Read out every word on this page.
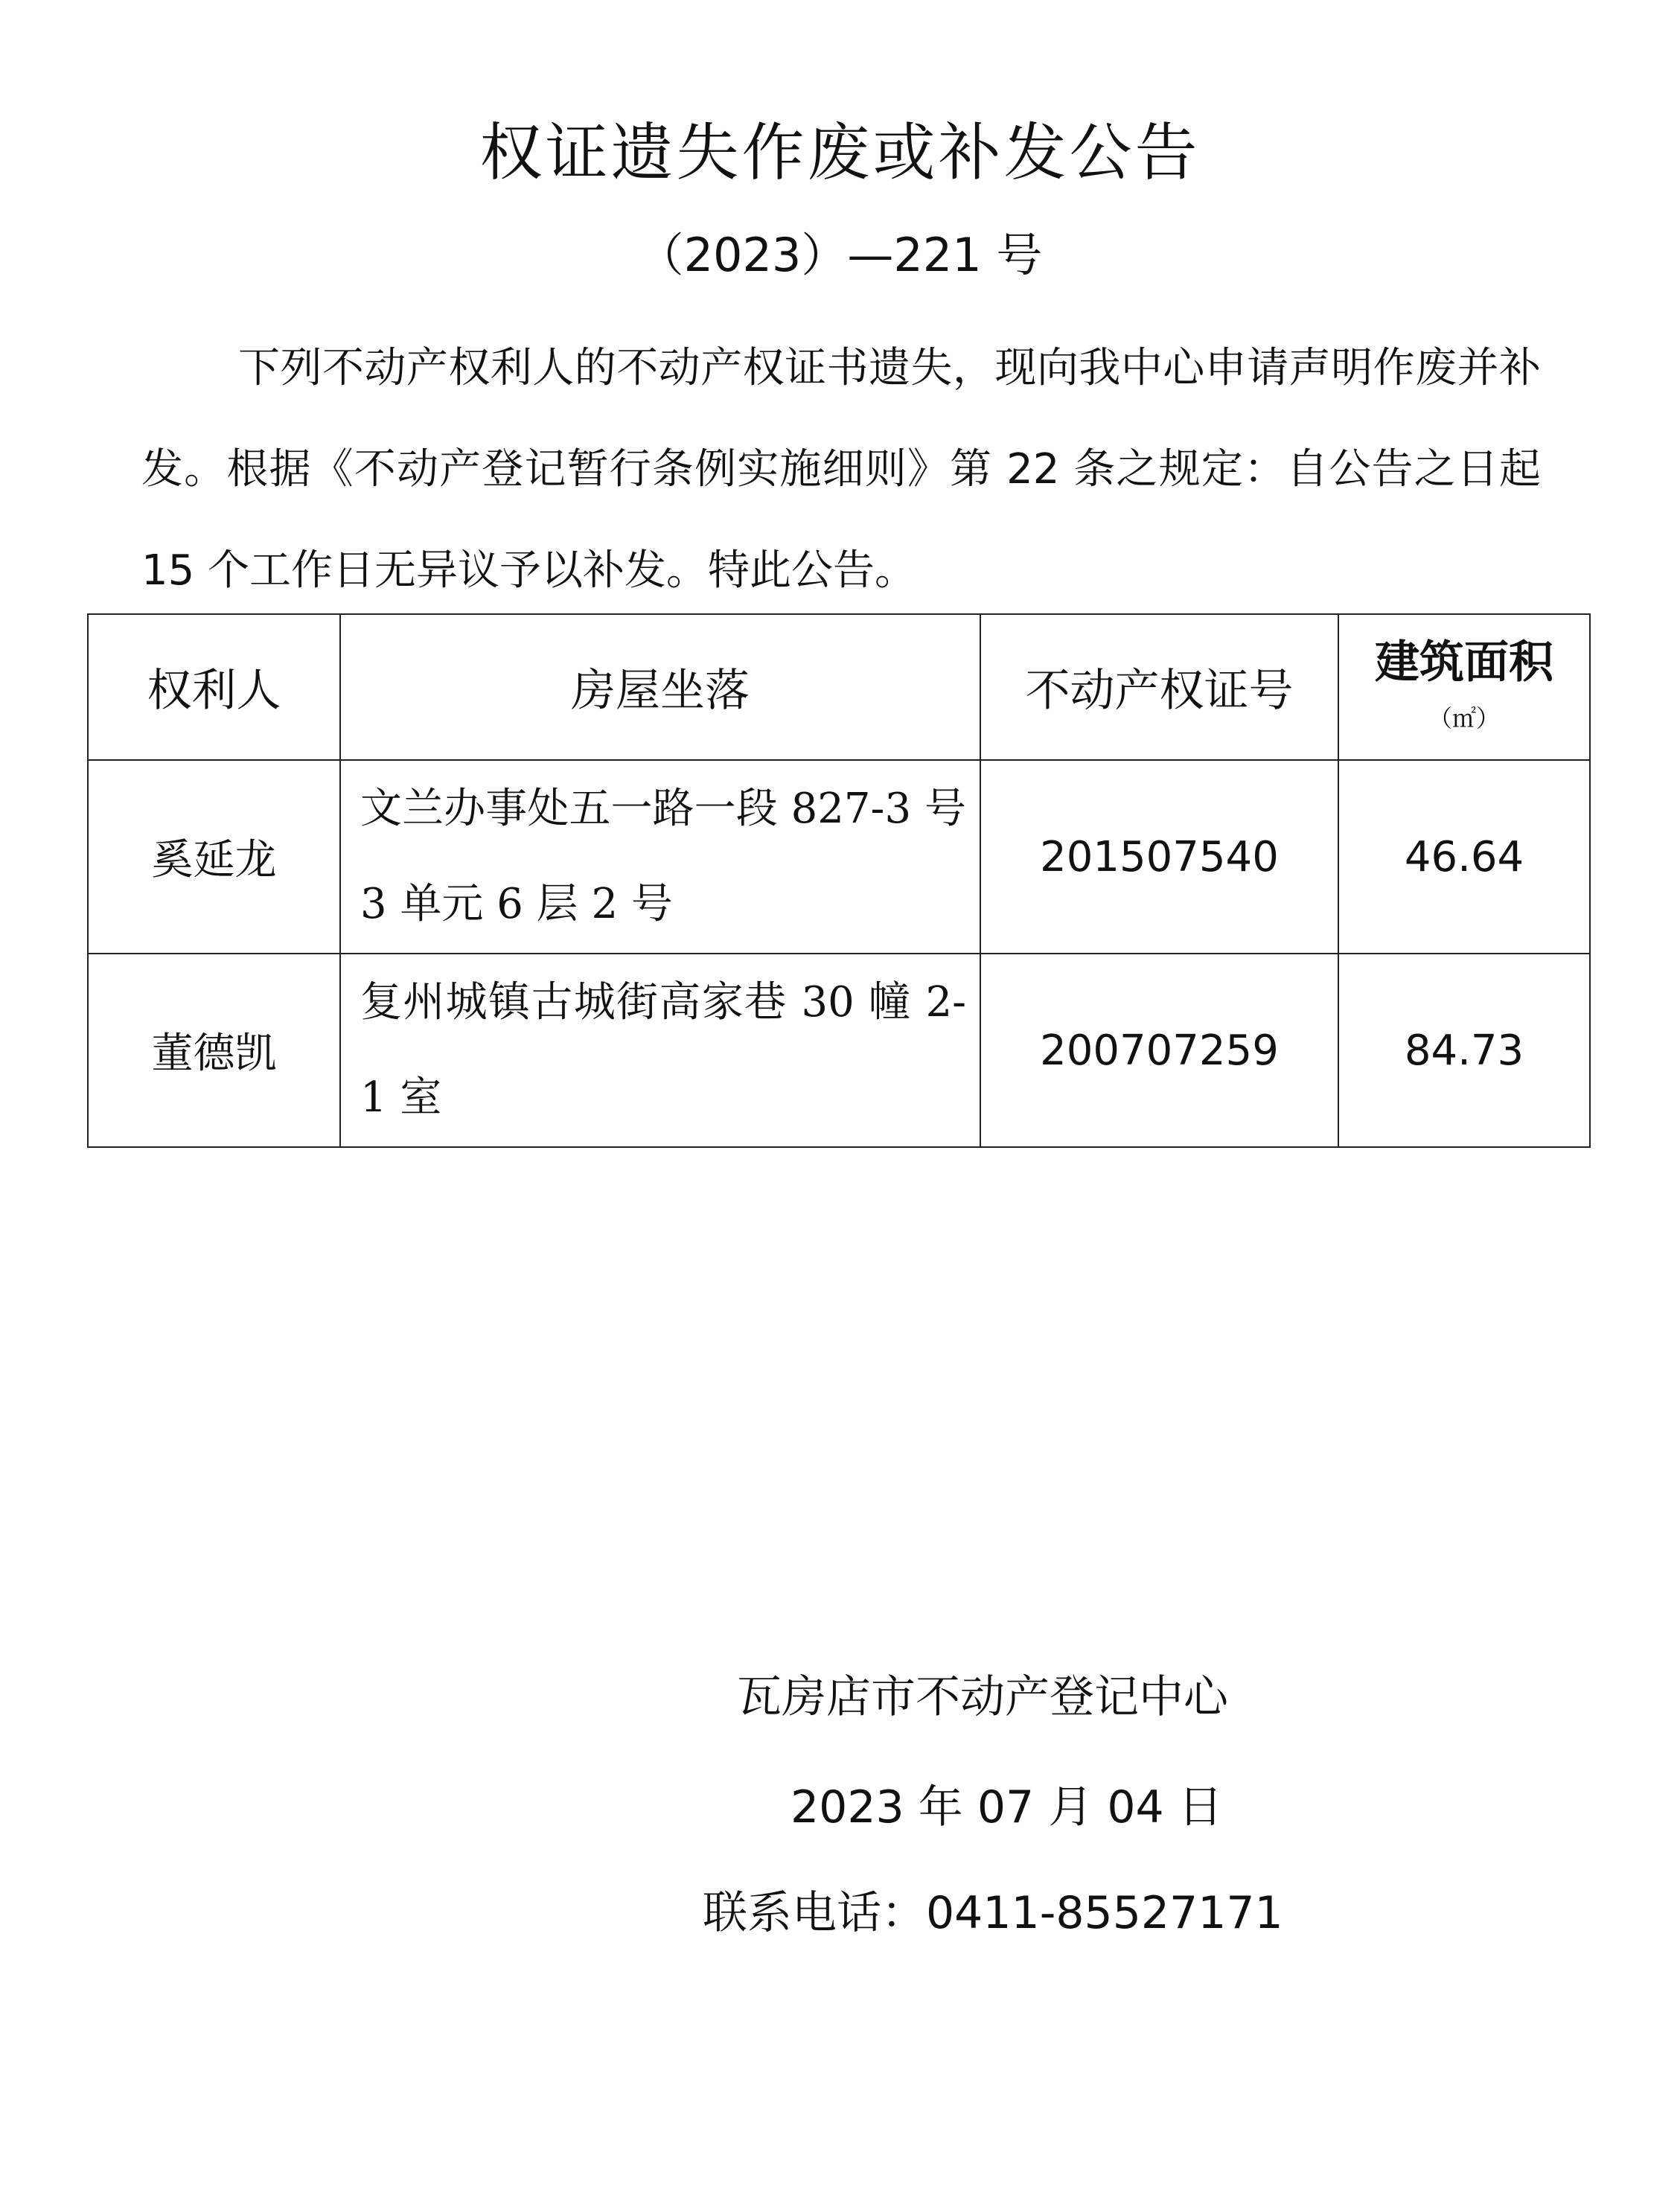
权证遗失作废或补发公告
（2023）—221 号

下列不动产权利人的不动产权证书遗失，现向我中心申请声明作废并补发。根据《不动产登记暂行条例实施细则》第 22 条之规定：自公告之日起 15 个工作日无异议予以补发。特此公告。

权利人	房屋坐落	不动产权证号	建筑面积
（㎡）

奚延龙	文兰办事处五一路一段 827-3 号 3 单元 6 层 2 号	201507540	46.64
董德凯	复州城镇古城街高家巷 30 幢 2-1 室	200707259	84.73
瓦房店市不动产登记中心
2023 年 07 月 04 日
联系电话：0411-85527171
